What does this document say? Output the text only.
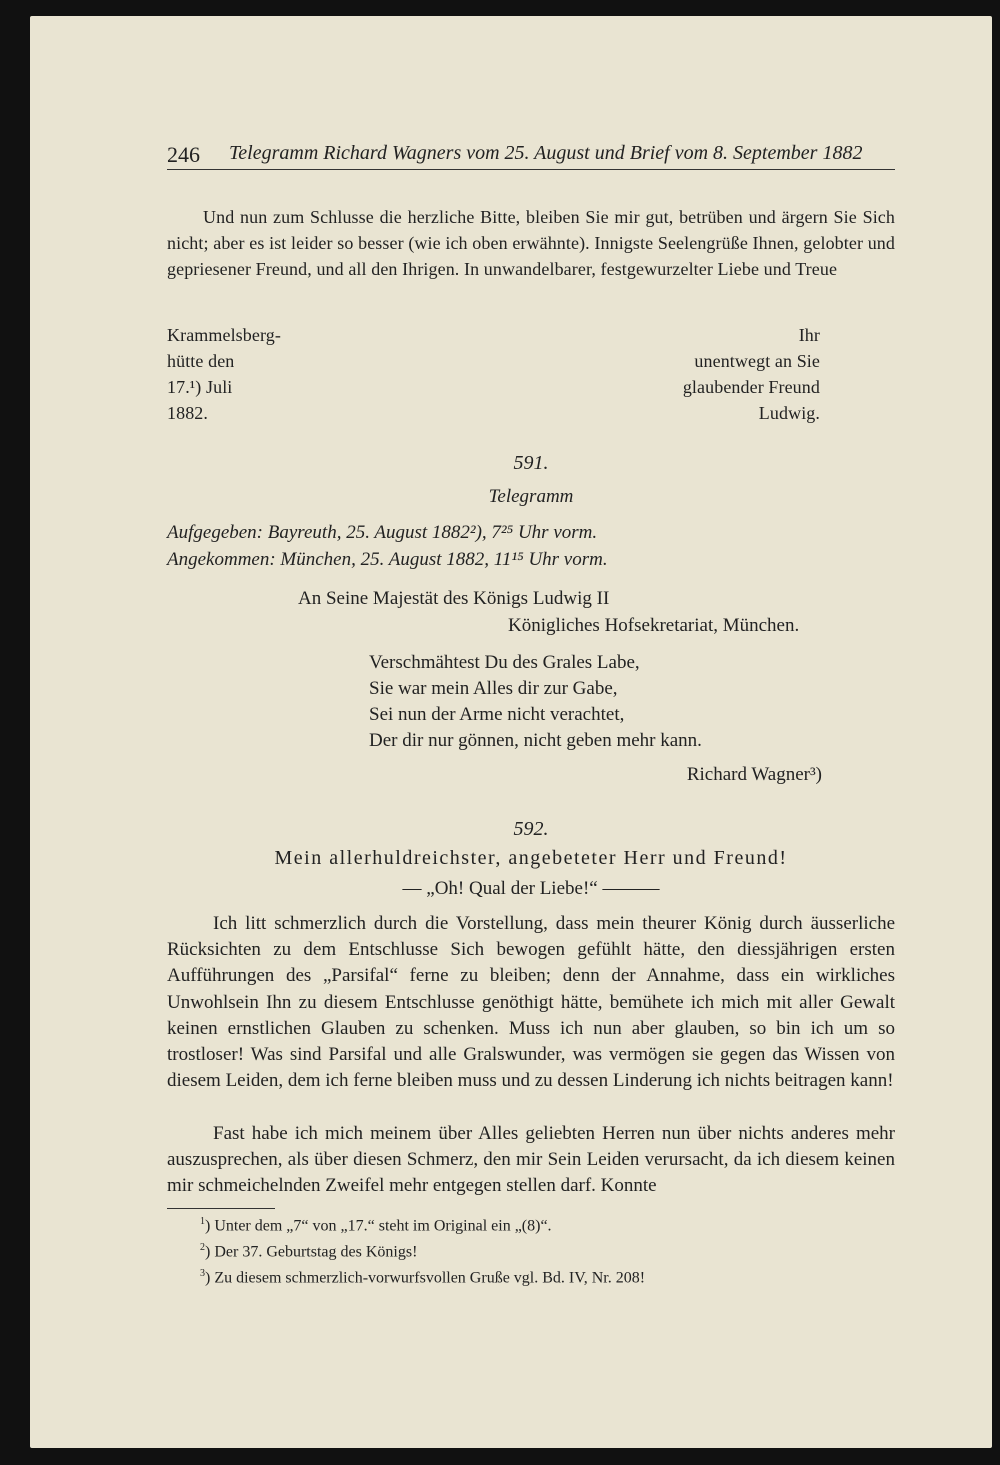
246 Telegramm Richard Wagners vom 25. August und Brief vom 8. September 1882
Und nun zum Schlusse die herzliche Bitte, bleiben Sie mir gut, betrüben und ärgern Sie Sich nicht; aber es ist leider so besser (wie ich oben erwähnte). Innigste Seelengrüße Ihnen, gelobter und gepriesener Freund, und all den Ihrigen. In unwandelbarer, festgewurzelter Liebe und Treue
Krammelsberg-
hütte den
17.¹) Juli
1882.
Ihr
unentwegt an Sie
glaubender Freund
Ludwig.
591.
Telegramm
Aufgegeben: Bayreuth, 25. August 1882²), 7²⁵ Uhr vorm.
Angekommen: München, 25. August 1882, 11¹⁵ Uhr vorm.
An Seine Majestät des Königs Ludwig II
Königliches Hofsekretariat, München.
Verschmähtest Du des Grales Labe,
Sie war mein Alles dir zur Gabe,
Sei nun der Arme nicht verachtet,
Der dir nur gönnen, nicht geben mehr kann.
Richard Wagner³)
592.
Mein allerhuldreichster, angebeteter Herr und Freund!
— „Oh! Qual der Liebe!“ ———
Ich litt schmerzlich durch die Vorstellung, dass mein theurer König durch äusserliche Rücksichten zu dem Entschlusse Sich bewogen gefühlt hätte, den diessjährigen ersten Aufführungen des „Parsifal“ ferne zu bleiben; denn der Annahme, dass ein wirkliches Unwohlsein Ihn zu diesem Entschlusse genöthigt hätte, bemühete ich mich mit aller Gewalt keinen ernstlichen Glauben zu schenken. Muss ich nun aber glauben, so bin ich um so trostloser! Was sind Parsifal und alle Gralswunder, was vermögen sie gegen das Wissen von diesem Leiden, dem ich ferne bleiben muss und zu dessen Linderung ich nichts beitragen kann!
Fast habe ich mich meinem über Alles geliebten Herren nun über nichts anderes mehr auszusprechen, als über diesen Schmerz, den mir Sein Leiden verursacht, da ich diesem keinen mir schmeichelnden Zweifel mehr entgegen stellen darf. Konnte
$^1$) Unter dem „7“ von „17.“ steht im Original ein „(8)“.
$^2$) Der 37. Geburtstag des Königs!
$^3$) Zu diesem schmerzlich-vorwurfsvollen Gruße vgl. Bd. IV, Nr. 208!
